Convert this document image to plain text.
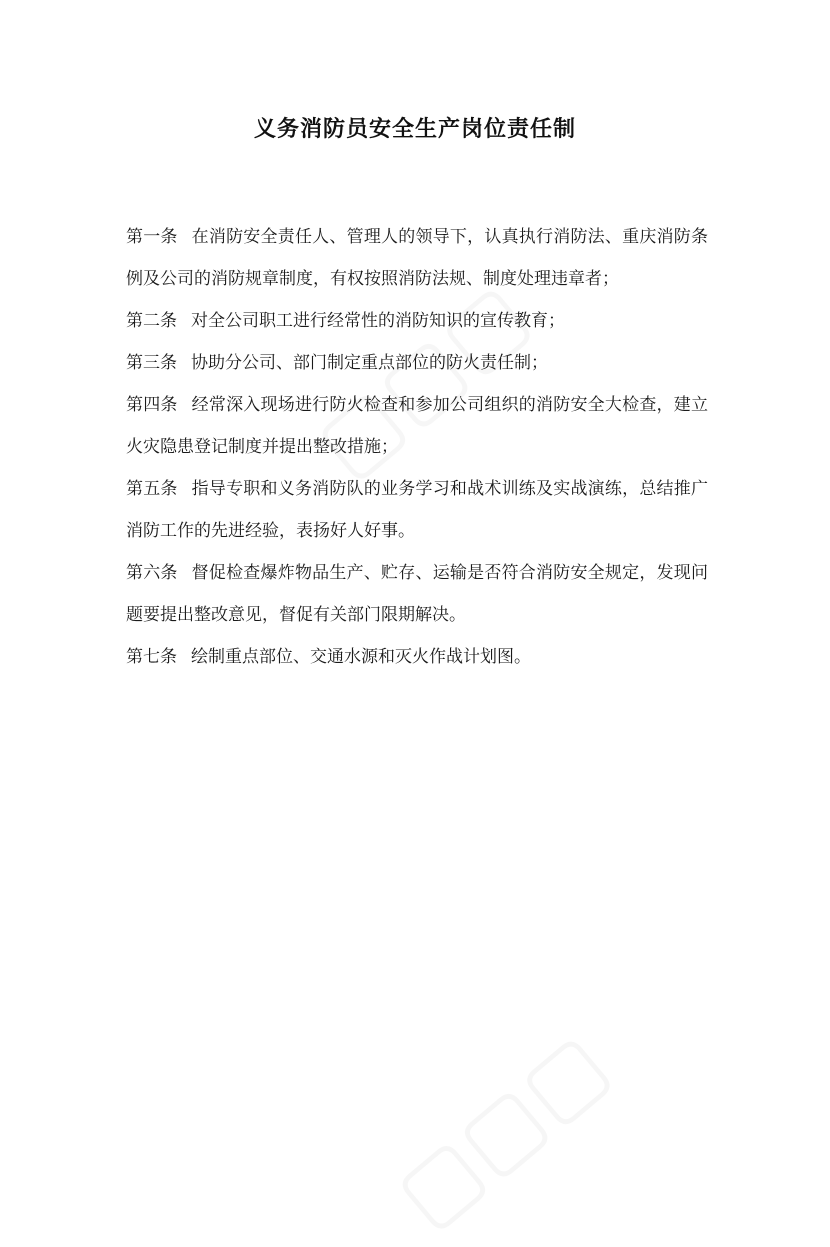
义务消防员安全生产岗位责任制

第一条 在消防安全责任人、管理人的领导下，认真执行消防法、重庆消防条例及公司的消防规章制度，有权按照消防法规、制度处理违章者；

第二条 对全公司职工进行经常性的消防知识的宣传教育；

第三条 协助分公司、部门制定重点部位的防火责任制；

第四条 经常深入现场进行防火检查和参加公司组织的消防安全大检查，建立火灾隐患登记制度并提出整改措施；

第五条 指导专职和义务消防队的业务学习和战术训练及实战演练，总结推广消防工作的先进经验，表扬好人好事。

第六条 督促检查爆炸物品生产、贮存、运输是否符合消防安全规定，发现问题要提出整改意见，督促有关部门限期解决。

第七条 绘制重点部位、交通水源和灭火作战计划图。
